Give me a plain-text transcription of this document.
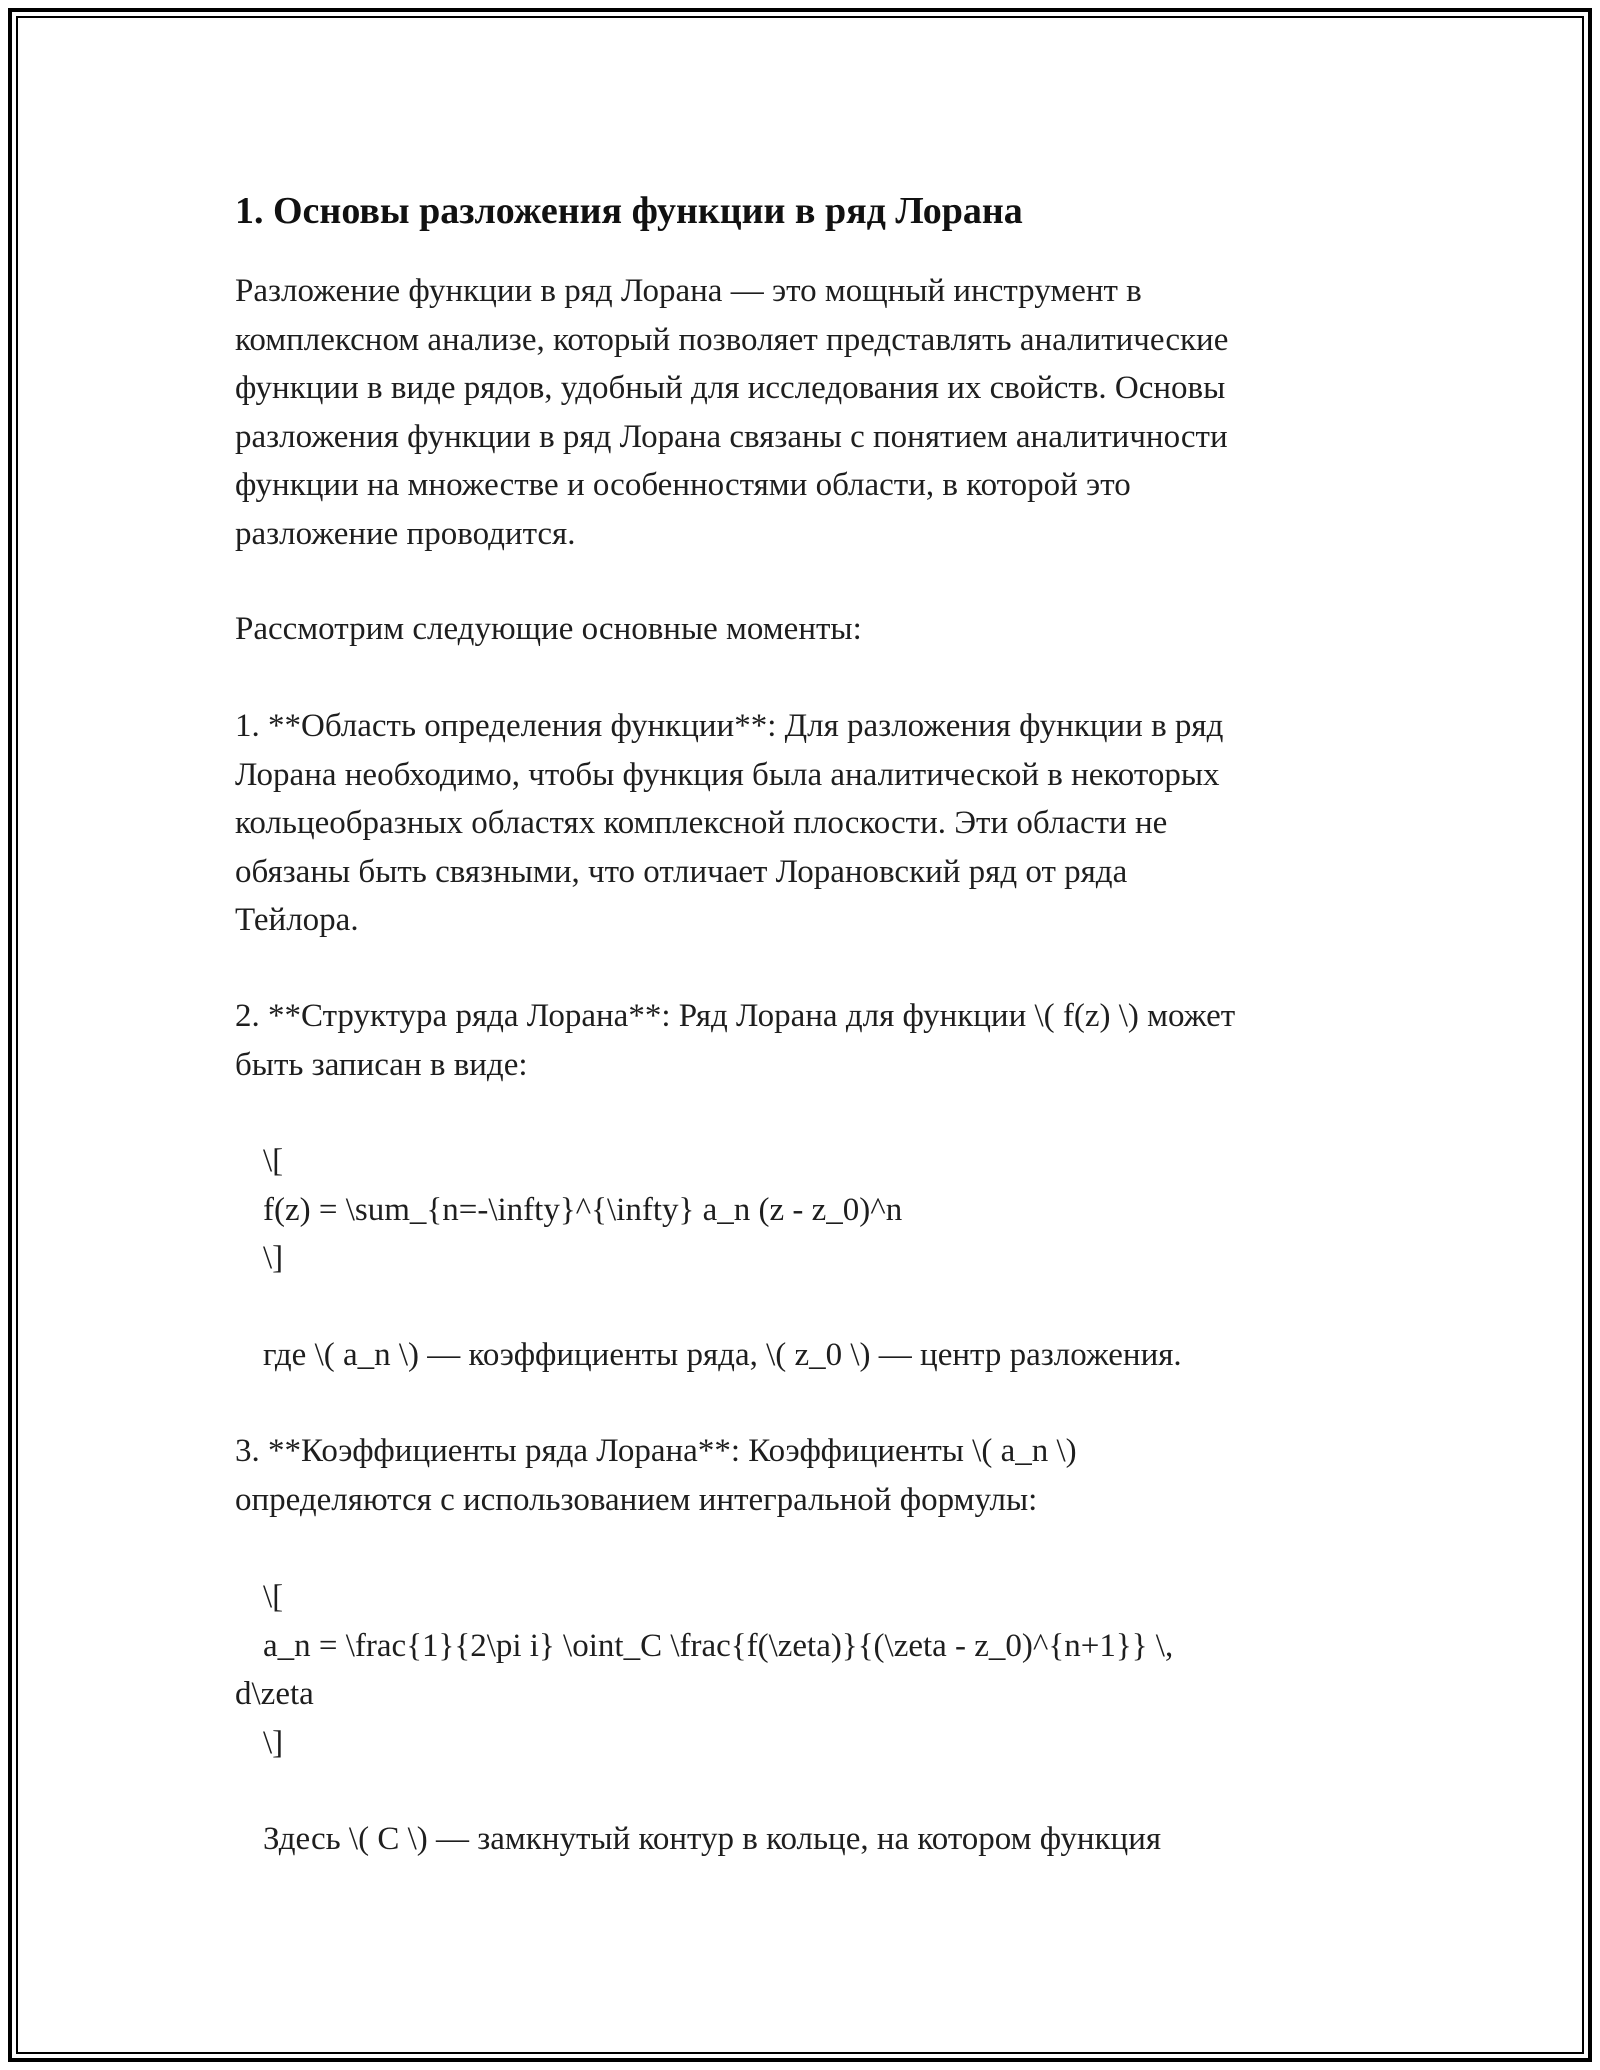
1. Основы разложения функции в ряд Лорана

Разложение функции в ряд Лорана — это мощный инструмент в

комплексном анализе, который позволяет представлять аналитические

функции в виде рядов, удобный для исследования их свойств. Основы

разложения функции в ряд Лорана связаны с понятием аналитичности

функции на множестве и особенностями области, в которой это

разложение проводится.

Рассмотрим следующие основные моменты:

1. **Область определения функции**: Для разложения функции в ряд

Лорана необходимо, чтобы функция была аналитической в некоторых

кольцеобразных областях комплексной плоскости. Эти области не

обязаны быть связными, что отличает Лорановский ряд от ряда

Тейлора.

2. **Структура ряда Лорана**: Ряд Лорана для функции \( f(z) \) может

быть записан в виде:

\[

f(z) = \sum_{n=-\infty}^{\infty} a_n (z - z_0)^n

\]

где \( a_n \) — коэффициенты ряда, \( z_0 \) — центр разложения.

3. **Коэффициенты ряда Лорана**: Коэффициенты \( a_n \)

определяются с использованием интегральной формулы:

\[

a_n = \frac{1}{2\pi i} \oint_C \frac{f(\zeta)}{(\zeta - z_0)^{n+1}} \,

d\zeta

\]

Здесь \( C \) — замкнутый контур в кольце, на котором функция
